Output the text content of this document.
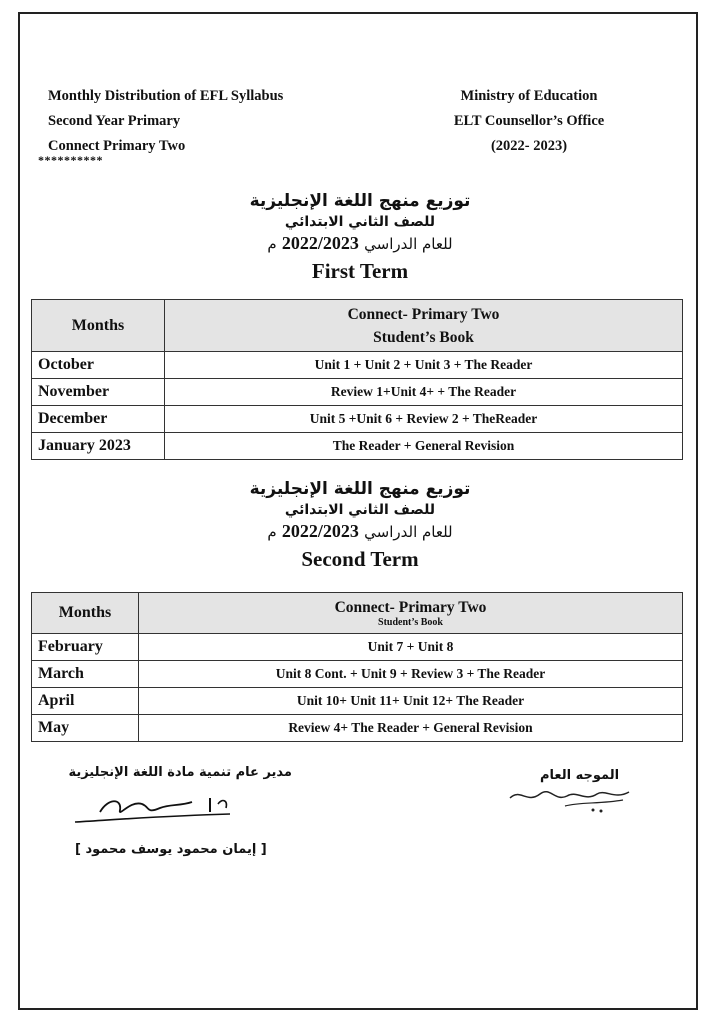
Monthly Distribution of EFL Syllabus
Second Year Primary
Connect Primary Two
Ministry of Education
ELT Counsellor’s Office
(2022- 2023)
**********
توزيع منهج اللغة الإنجليزية
للصف الثاني الابتدائي
للعام الدراسي 2022/2023 م
First Term
Months	Connect- Primary Two
Student’s Book

October	Unit 1 + Unit 2 + Unit 3 + The Reader
November	Review 1+Unit 4+ + The Reader
December	Unit 5 +Unit 6 + Review 2 + TheReader
January 2023	The Reader + General Revision
توزيع منهج اللغة الإنجليزية
للصف الثاني الابتدائي
للعام الدراسي 2022/2023 م
Second Term
Months	Connect- Primary Two
Student’s Book

February	Unit 7 + Unit 8
March	Unit 8 Cont. + Unit 9 + Review 3 + The Reader
April	Unit 10+ Unit 11+ Unit 12+ The Reader
May	Review 4+ The Reader + General Revision
مدير عام تنمية مادة اللغة الإنجليزية
[ إيمان محمود يوسف محمود ]
الموجه العام
